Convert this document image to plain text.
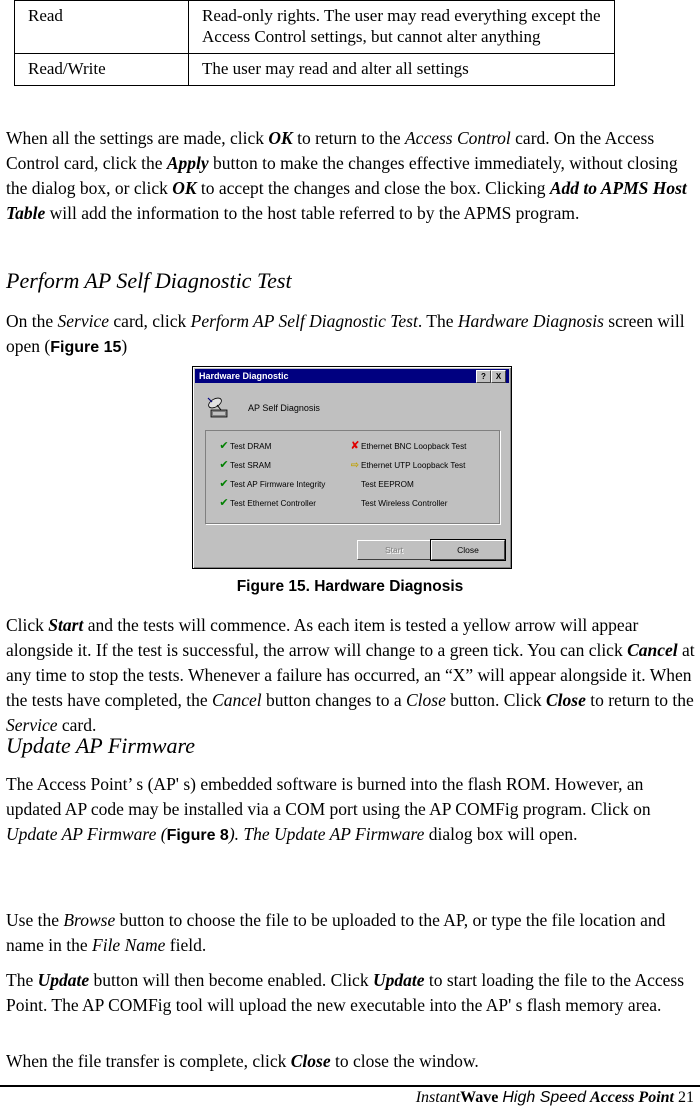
Read	Read-only rights. The user may read everything except the Access Control settings, but cannot alter anything
Read/Write	The user may read and alter all settings
When all the settings are made, click OK to return to the Access Control card. On the Access Control card, click the Apply button to make the changes effective immediately, without closing the dialog box, or click OK to accept the changes and close the box. Clicking Add to APMS Host Table will add the information to the host table referred to by the APMS program.
Perform AP Self Diagnostic Test
On the Service card, click Perform AP Self Diagnostic Test. The Hardware Diagnosis screen will open (Figure 15)
Hardware Diagnostic	?	X
AP Self Diagnosis
✔Test DRAM
✔Test SRAM
✔Test AP Firmware Integrity
✔Test Ethernet Controller
✘Ethernet BNC Loopback Test
⇨ Ethernet UTP Loopback Test
Test EEPROM
Test Wireless Controller
Start	Close
Figure 15. Hardware Diagnosis
Click Start and the tests will commence. As each item is tested a yellow arrow will appear alongside it. If the test is successful, the arrow will change to a green tick. You can click Cancel at any time to stop the tests. Whenever a failure has occurred, an “X” will appear alongside it. When the tests have completed, the Cancel button changes to a Close button. Click Close to return to the Service card.
Update AP Firmware
The Access Point’ s (AP' s) embedded software is burned into the flash ROM. However, an updated AP code may be installed via a COM port using the AP COMFig program. Click on Update AP Firmware (Figure 8). The Update AP Firmware dialog box will open.
Use the Browse button to choose the file to be uploaded to the AP, or type the file location and name in the File Name field.
The Update button will then become enabled. Click Update to start loading the file to the Access Point. The AP COMFig tool will upload the new executable into the AP' s flash memory area.
When the file transfer is complete, click Close to close the window.
InstantWave High Speed Access Point 21
